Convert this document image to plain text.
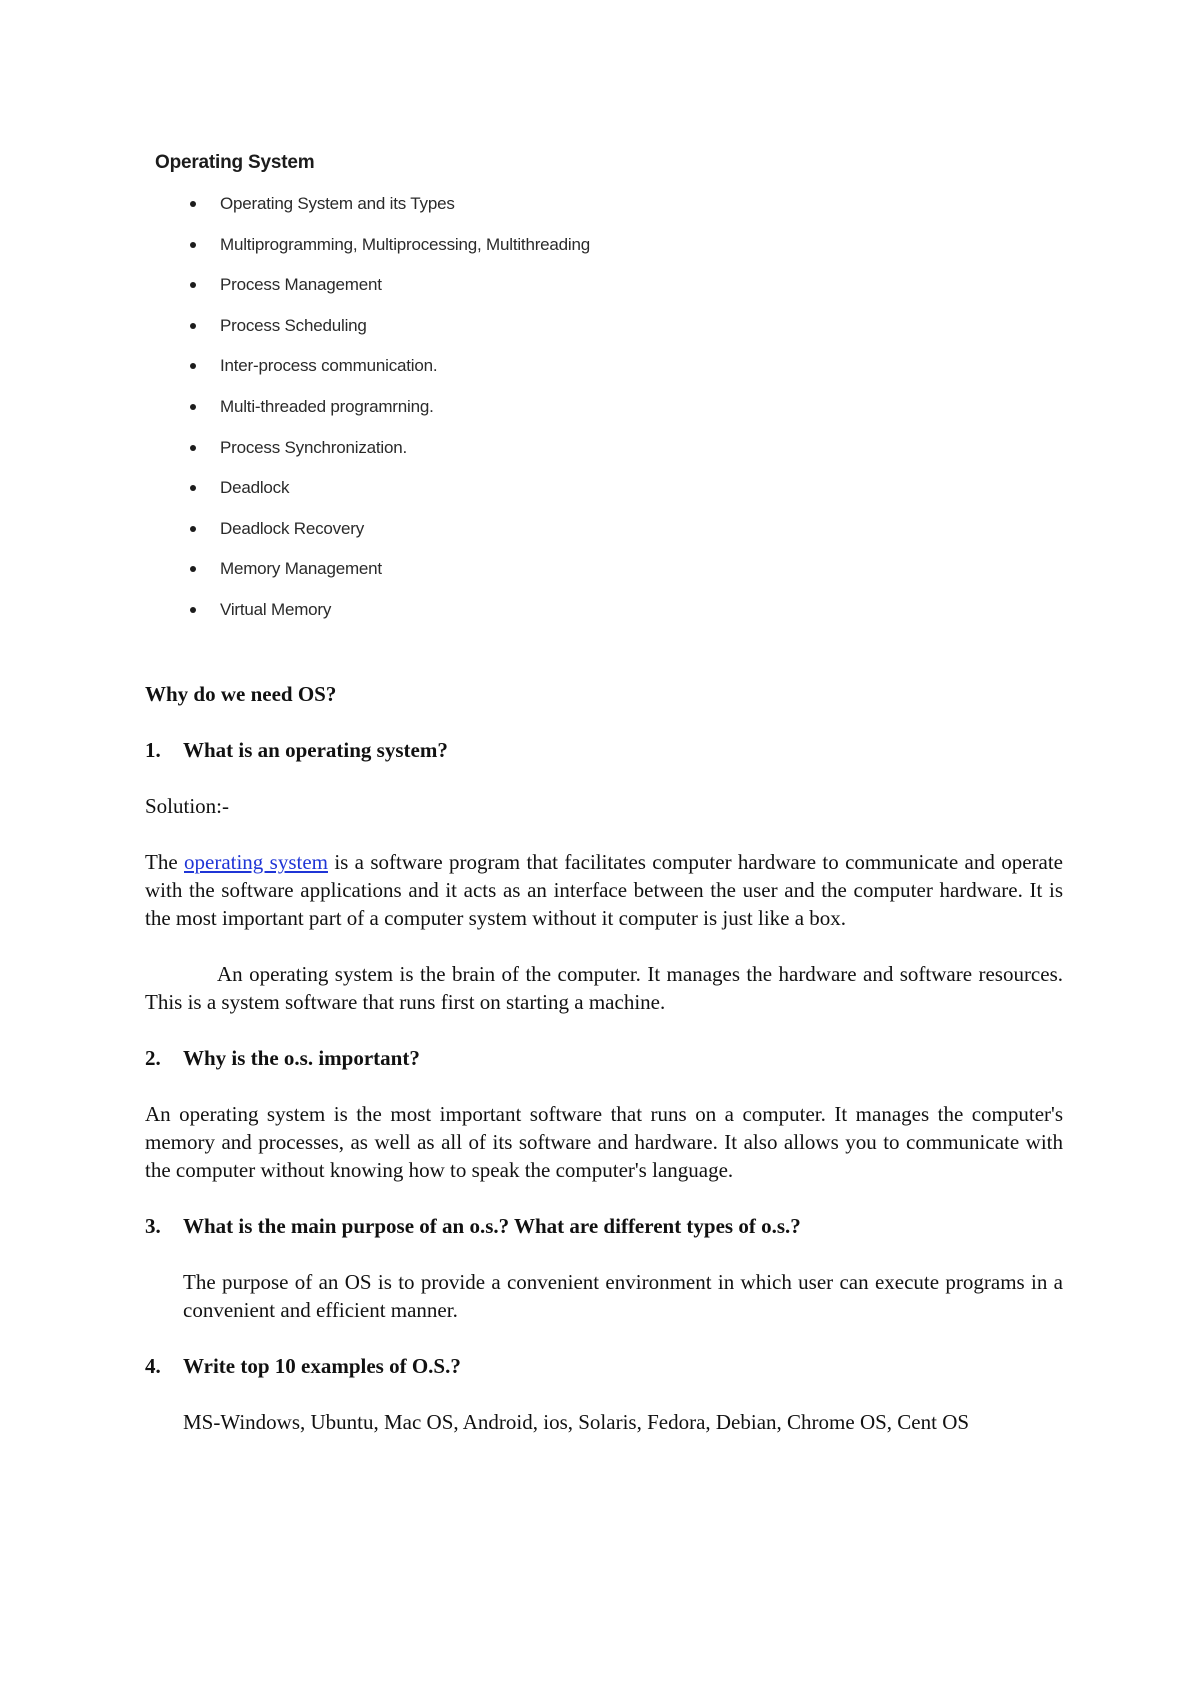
Operating System
Operating System and its Types
Multiprogramming, Multiprocessing, Multithreading
Process Management
Process Scheduling
Inter-process communication.
Multi-threaded programrning.
Process Synchronization.
Deadlock
Deadlock Recovery
Memory Management
Virtual Memory

Why do we need OS?

1.	What is an operating system?

Solution:-

The operating system is a software program that facilitates computer hardware to communicate and operate with the software applications and it acts as an interface between the user and the computer hardware. It is the most important part of a computer system without it computer is just like a box.

An operating system is the brain of the computer. It manages the hardware and software resources. This is a system software that runs first on starting a machine.

2.	Why is the o.s. important?

An operating system is the most important software that runs on a computer. It manages the computer's memory and processes, as well as all of its software and hardware. It also allows you to communicate with the computer without knowing how to speak the computer's language.

3.	What is the main purpose of an o.s.? What are different types of o.s.?

The purpose of an OS is to provide a convenient environment in which user can execute programs in a convenient and efficient manner.

4.	Write top 10 examples of O.S.?

MS-Windows, Ubuntu, Mac OS, Android, ios, Solaris, Fedora, Debian, Chrome OS, Cent OS
